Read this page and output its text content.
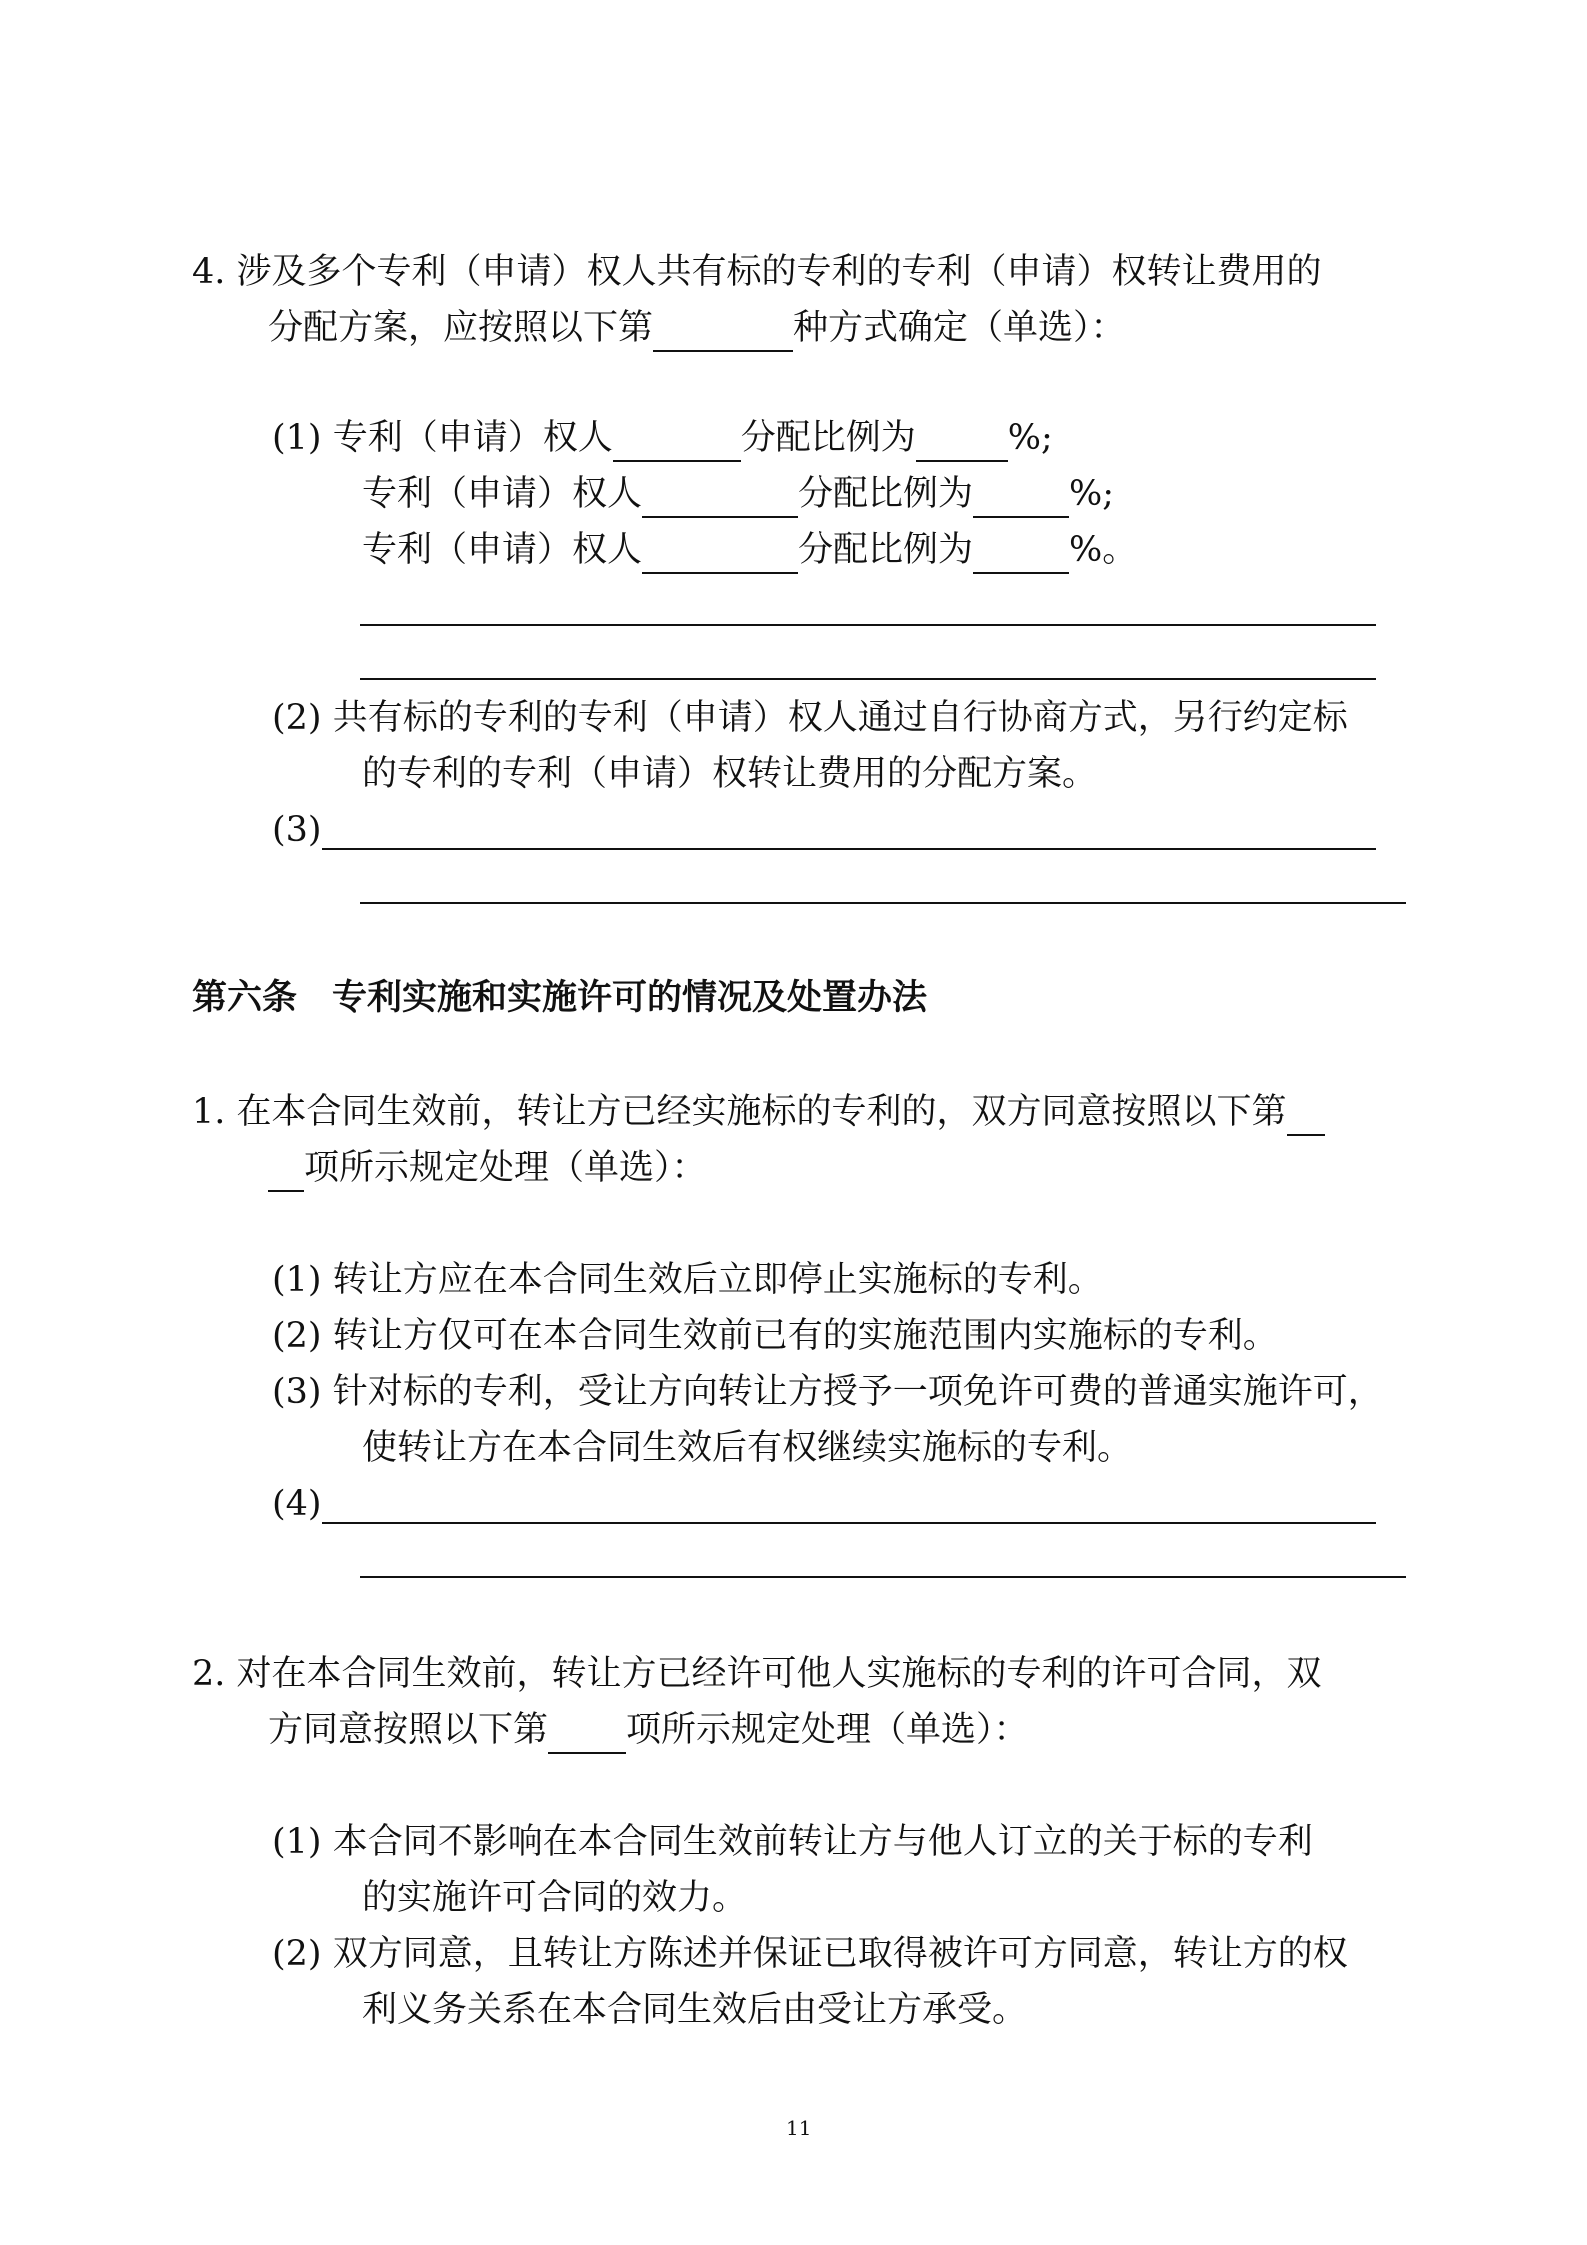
4. 涉及多个专利（申请）权人共有标的专利的专利（申请）权转让费用的
分配方案，应按照以下第	种方式确定（单选）：
(1) 专利（申请）权人	分配比例为	%;
专利（申请）权人	分配比例为	%;
专利（申请）权人	分配比例为	%。
(2) 共有标的专利的专利（申请）权人通过自行协商方式，另行约定标
的专利的专利（申请）权转让费用的分配方案。
(3)
第六条　专利实施和实施许可的情况及处置办法
1. 在本合同生效前，转让方已经实施标的专利的，双方同意按照以下第
项所示规定处理（单选）：
(1) 转让方应在本合同生效后立即停止实施标的专利。
(2) 转让方仅可在本合同生效前已有的实施范围内实施标的专利。
(3) 针对标的专利，受让方向转让方授予一项免许可费的普通实施许可，
使转让方在本合同生效后有权继续实施标的专利。
(4)
2. 对在本合同生效前，转让方已经许可他人实施标的专利的许可合同，双
方同意按照以下第 项所示规定处理（单选）：
(1) 本合同不影响在本合同生效前转让方与他人订立的关于标的专利
的实施许可合同的效力。
(2) 双方同意，且转让方陈述并保证已取得被许可方同意，转让方的权
利义务关系在本合同生效后由受让方承受。
11
